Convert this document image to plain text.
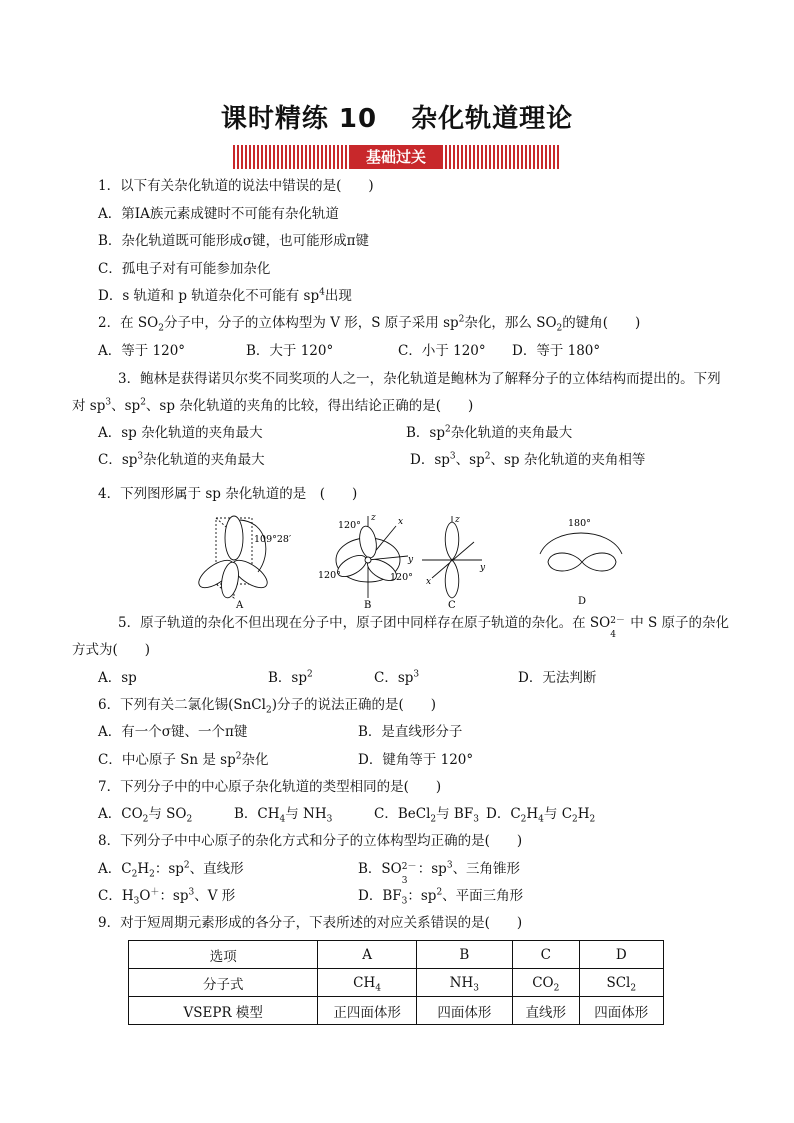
课时精练 10 杂化轨道理论
基础过关
1．以下有关杂化轨道的说法中错误的是(　　)
A．第ⅠA族元素成键时不可能有杂化轨道
B．杂化轨道既可能形成σ键，也可能形成π键
C．孤电子对有可能参加杂化
D．s 轨道和 p 轨道杂化不可能有 $sp^4$出现
2．在 $SO_2$分子中，分子的立体构型为 V 形，S 原子采用 $sp^2$杂化，那么 $SO_2$的键角(　　)
A．等于 120°	B．大于 120°	C．小于 120° D．等于 180°
3．鲍林是获得诺贝尔奖不同奖项的人之一，杂化轨道是鲍林为了解释分子的立体结构而提出的。下列
对 $sp^3$、$sp^2$、sp 杂化轨道的夹角的比较，得出结论正确的是(　　)
A．sp 杂化轨道的夹角最大	B．$sp^2$杂化轨道的夹角最大
C．$sp^3$杂化轨道的夹角最大	D．$sp^3$、$sp^2$、sp 杂化轨道的夹角相等
4．下列图形属于 sp 杂化轨道的是　(　　)
109°28′
A
120°
120°	120°
z x
y
B
z
x
y
C
180°
D
5．原子轨道的杂化不但出现在分子中，原子团中同样存在原子轨道的杂化。在 SO 2－
4
中 S 原子的杂化
方式为(　　)
A．sp	B．$sp^2$	C．$sp^3$	D．无法判断
6．下列有关二氯化锡(SnCl$_2$)分子的说法正确的是(　　)
A．有一个σ键、一个π键	B．是直线形分子
C．中心原子 Sn 是 $sp^2$杂化	D．键角等于 120°
7．下列分子中的中心原子杂化轨道的类型相同的是(　　)
A．$CO_2$与 $SO_2$	B．$CH_4$与 $NH_3$	C．BeCl$_2$与 $BF_3$ D．$C_2H_4$与 $C_2H_2$
8．下列分子中中心原子的杂化方式和分子的立体构型均正确的是(　　)
A．$C_2H_2$：$sp^2$、直线形	B．SO 2－
3
：$sp^3$、三角锥形
C．$H_3O^+$：$sp^3$、V 形	D．$BF_3$：$sp^2$、平面三角形
9．对于短周期元素形成的各分子，下表所述的对应关系错误的是(　　)
选项	A	B	C	D
分子式	$CH_4$	$NH_3$	$CO_2$	SCl$_2$
VSEPR 模型	正四面体形	四面体形	直线形	四面体形
